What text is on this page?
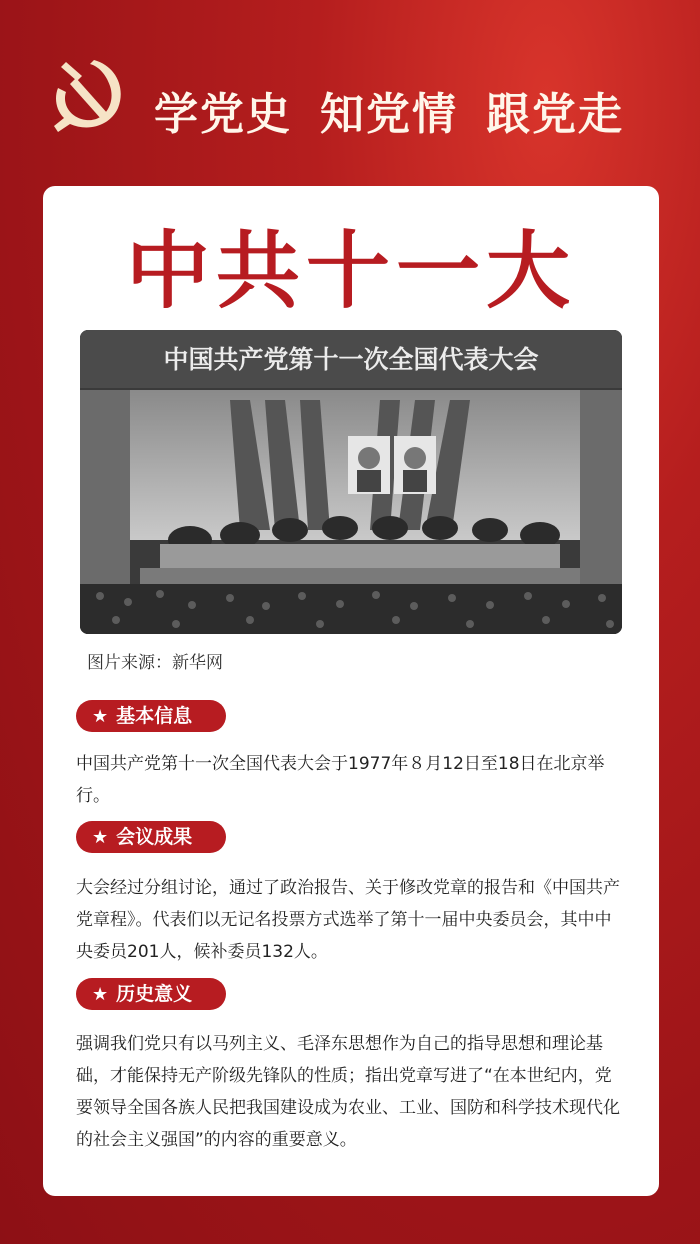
学党史 知党情 跟党走
中共十一大
中国共产党第十一次全国代表大会
图片来源：新华网
★ 基本信息
中国共产党第十一次全国代表大会于1977年８月12日至18日在北京举行。
★ 会议成果
大会经过分组讨论，通过了政治报告、关于修改党章的报告和《中国共产党章程》。代表们以无记名投票方式选举了第十一届中央委员会，其中中央委员201人，候补委员132人。
★ 历史意义
强调我们党只有以马列主义、毛泽东思想作为自己的指导思想和理论基础，才能保持无产阶级先锋队的性质；指出党章写进了“在本世纪内，党要领导全国各族人民把我国建设成为农业、工业、国防和科学技术现代化的社会主义强国”的内容的重要意义。
